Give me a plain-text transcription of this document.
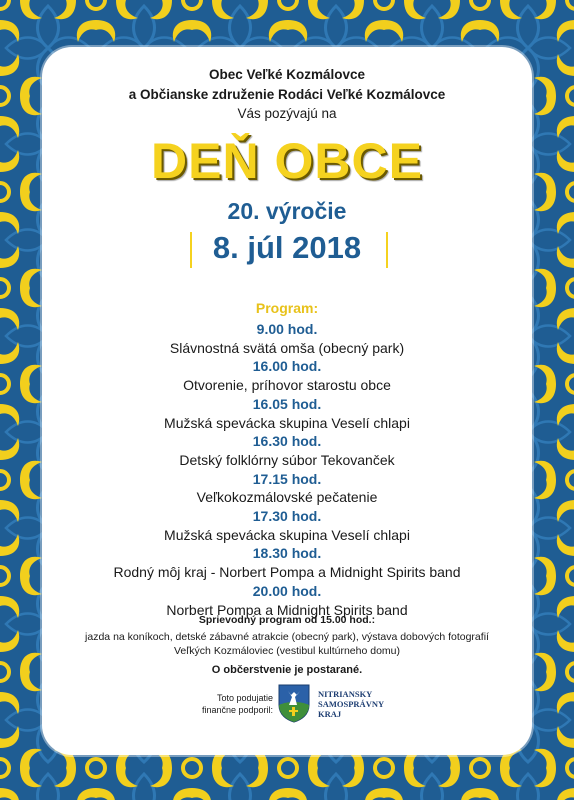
Obec Veľké Kozmálovce
a Občianske združenie Rodáci Veľké Kozmálovce
Vás pozývajú na
DEŇ OBCE
20. výročie
8. júl 2018
Program:
9.00 hod.
Slávnostná svätá omša (obecný park)
16.00 hod.
Otvorenie, príhovor starostu obce
16.05 hod.
Mužská spevácka skupina Veselí chlapi
16.30 hod.
Detský folklórny súbor Tekovanček
17.15 hod.
Veľkokozmálovské pečatenie
17.30 hod.
Mužská spevácka skupina Veselí chlapi
18.30 hod.
Rodný môj kraj - Norbert Pompa a Midnight Spirits band
20.00 hod.
Norbert Pompa a Midnight Spirits band
Sprievodný program od 15.00 hod.:
jazda na koníkoch, detské zábavné atrakcie (obecný park), výstava dobových fotografií
Veľkých Kozmáloviec (vestibul kultúrneho domu)
O občerstvenie je postarané.
Toto podujatie
finančne podporil:
NITRIANSKY
SAMOSPRÁVNY
KRAJ
